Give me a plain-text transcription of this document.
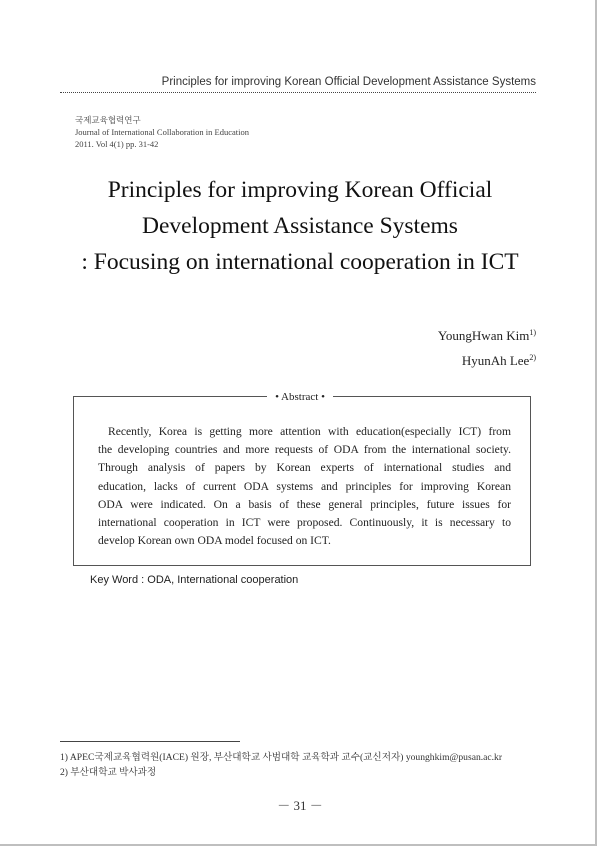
Principles for improving Korean Official Development Assistance Systems
국제교육협력연구
Journal of International Collaboration in Education
2011. Vol 4(1) pp. 31-42
Principles for improving Korean Official
Development Assistance Systems
: Focusing on international cooperation in ICT
YoungHwan Kim$^{1)}$
HyunAh Lee$^{2)}$
• Abstract •
Recently, Korea is getting more attention with education(especially ICT) from
the developing countries and more requests of ODA from the international society.
Through analysis of papers by Korean experts of international studies and
education, lacks of current ODA systems and principles for improving Korean
ODA were indicated. On a basis of these general principles, future issues for
international cooperation in ICT were proposed. Continuously, it is necessary to
develop Korean own ODA model focused on ICT.
Key Word : ODA, International cooperation
1) APEC국제교육협력원(IACE) 원장, 부산대학교 사범대학 교육학과 교수(교신저자) younghkim@pusan.ac.kr
2) 부산대학교 박사과정
－ 31 －
